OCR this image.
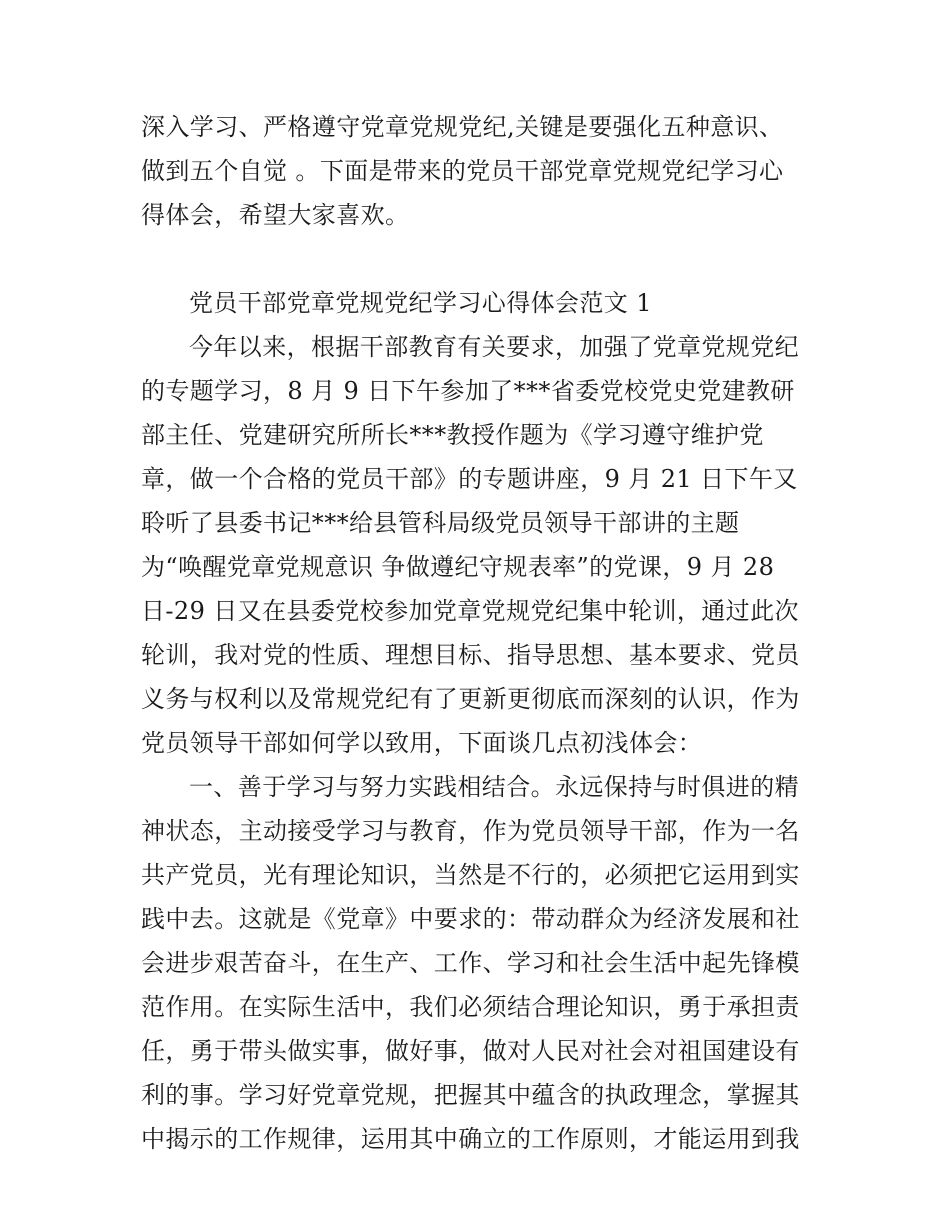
深入学习、严格遵守党章党规党纪,关键是要强化五种意识、
做到五个自觉 。下面是带来的党员干部党章党规党纪学习心
得体会，希望大家喜欢。
党员干部党章党规党纪学习心得体会范文 1
今年以来，根据干部教育有关要求，加强了党章党规党纪
的专题学习，8 月 9 日下午参加了***省委党校党史党建教研
部主任、党建研究所所长***教授作题为《学习遵守维护党
章，做一个合格的党员干部》的专题讲座，9 月 21 日下午又
聆听了县委书记***给县管科局级党员领导干部讲的主题
为“唤醒党章党规意识 争做遵纪守规表率”的党课，9 月 28
日-29 日又在县委党校参加党章党规党纪集中轮训，通过此次
轮训，我对党的性质、理想目标、指导思想、基本要求、党员
义务与权利以及常规党纪有了更新更彻底而深刻的认识，作为
党员领导干部如何学以致用，下面谈几点初浅体会：
一、善于学习与努力实践相结合。永远保持与时俱进的精
神状态，主动接受学习与教育，作为党员领导干部，作为一名
共产党员，光有理论知识，当然是不行的，必须把它运用到实
践中去。这就是《党章》中要求的：带动群众为经济发展和社
会进步艰苦奋斗，在生产、工作、学习和社会生活中起先锋模
范作用。在实际生活中，我们必须结合理论知识，勇于承担责
任，勇于带头做实事，做好事，做对人民对社会对祖国建设有
利的事。学习好党章党规，把握其中蕴含的执政理念，掌握其
中揭示的工作规律，运用其中确立的工作原则，才能运用到我
